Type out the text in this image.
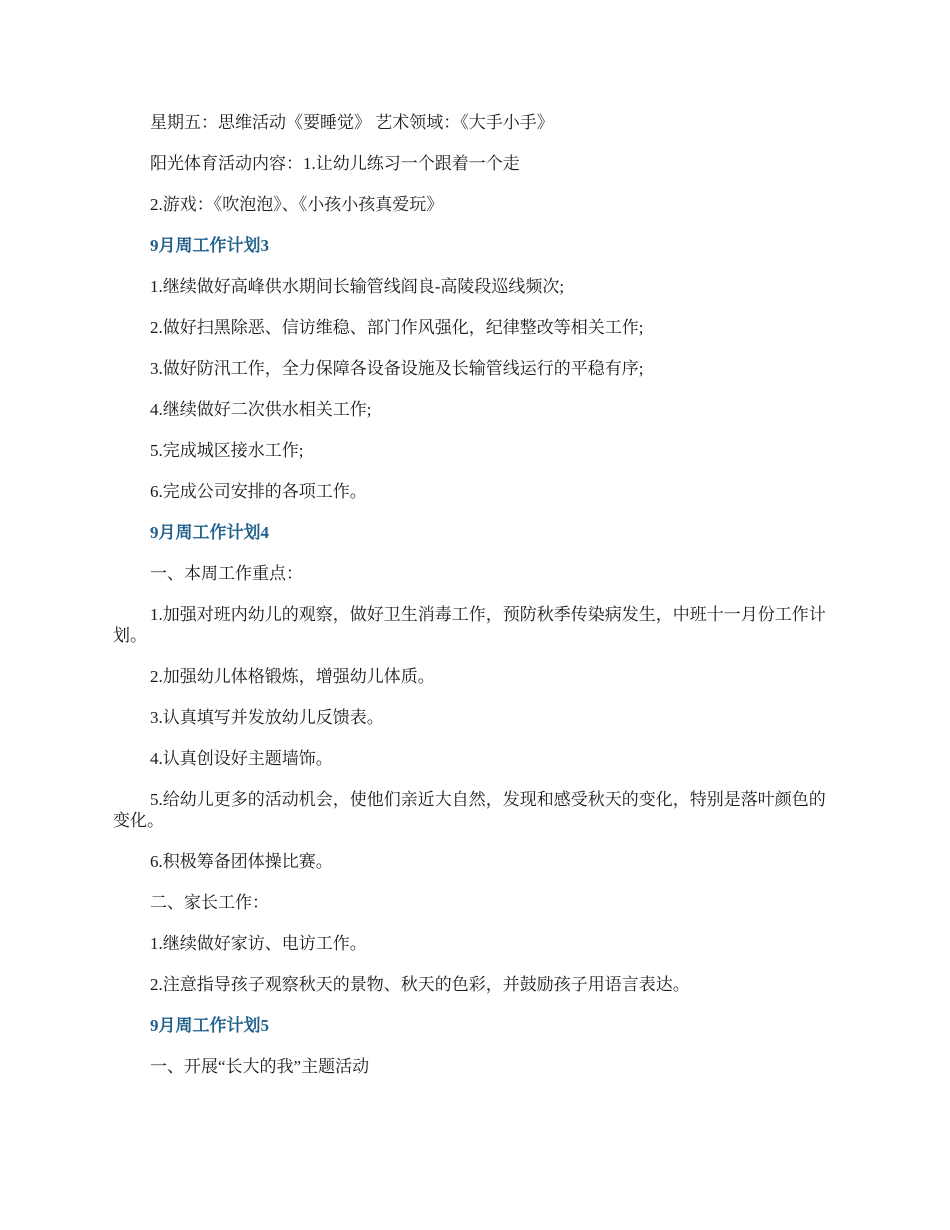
星期五：思维活动《要睡觉》 艺术领域：《大手小手》

阳光体育活动内容：1.让幼儿练习一个跟着一个走

2.游戏：《吹泡泡》、《小孩小孩真爱玩》

9月周工作计划3

1.继续做好高峰供水期间长输管线阎良-高陵段巡线频次;

2.做好扫黑除恶、信访维稳、部门作风强化，纪律整改等相关工作;

3.做好防汛工作，全力保障各设备设施及长输管线运行的平稳有序;

4.继续做好二次供水相关工作;

5.完成城区接水工作;

6.完成公司安排的各项工作。

9月周工作计划4

一、本周工作重点：

1.加强对班内幼儿的观察，做好卫生消毒工作，预防秋季传染病发生，中班十一月份工作计划。

2.加强幼儿体格锻炼，增强幼儿体质。

3.认真填写并发放幼儿反馈表。

4.认真创设好主题墙饰。

5.给幼儿更多的活动机会，使他们亲近大自然，发现和感受秋天的变化，特别是落叶颜色的变化。

6.积极筹备团体操比赛。

二、家长工作：

1.继续做好家访、电访工作。

2.注意指导孩子观察秋天的景物、秋天的色彩，并鼓励孩子用语言表达。

9月周工作计划5

一、开展“长大的我”主题活动
